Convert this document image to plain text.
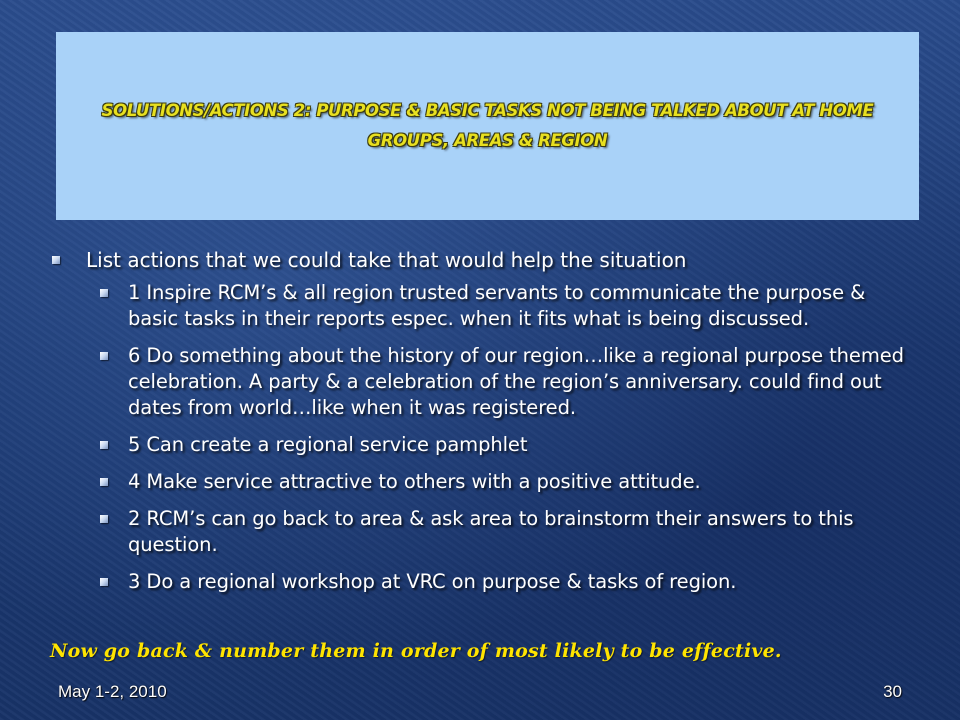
SOLUTIONS/ACTIONS 2: PURPOSE & BASIC TASKS NOT BEING TALKED ABOUT AT HOME GROUPS, AREAS & REGION
List actions that we could take that would help the situation
1 Inspire RCM’s & all region trusted servants to communicate the purpose & basic tasks in their reports espec. when it fits what is being discussed.
6 Do something about the history of our region…like a regional purpose themed celebration. A party & a celebration of the region’s anniversary. could find out dates from world…like when it was registered.
5 Can create a regional service pamphlet
4 Make service attractive to others with a positive attitude.
2 RCM’s can go back to area & ask area to brainstorm their answers to this question.
3 Do a regional workshop at VRC on purpose & tasks of region.
Now go back & number them in order of most likely to be effective.
May 1-2, 2010	30
